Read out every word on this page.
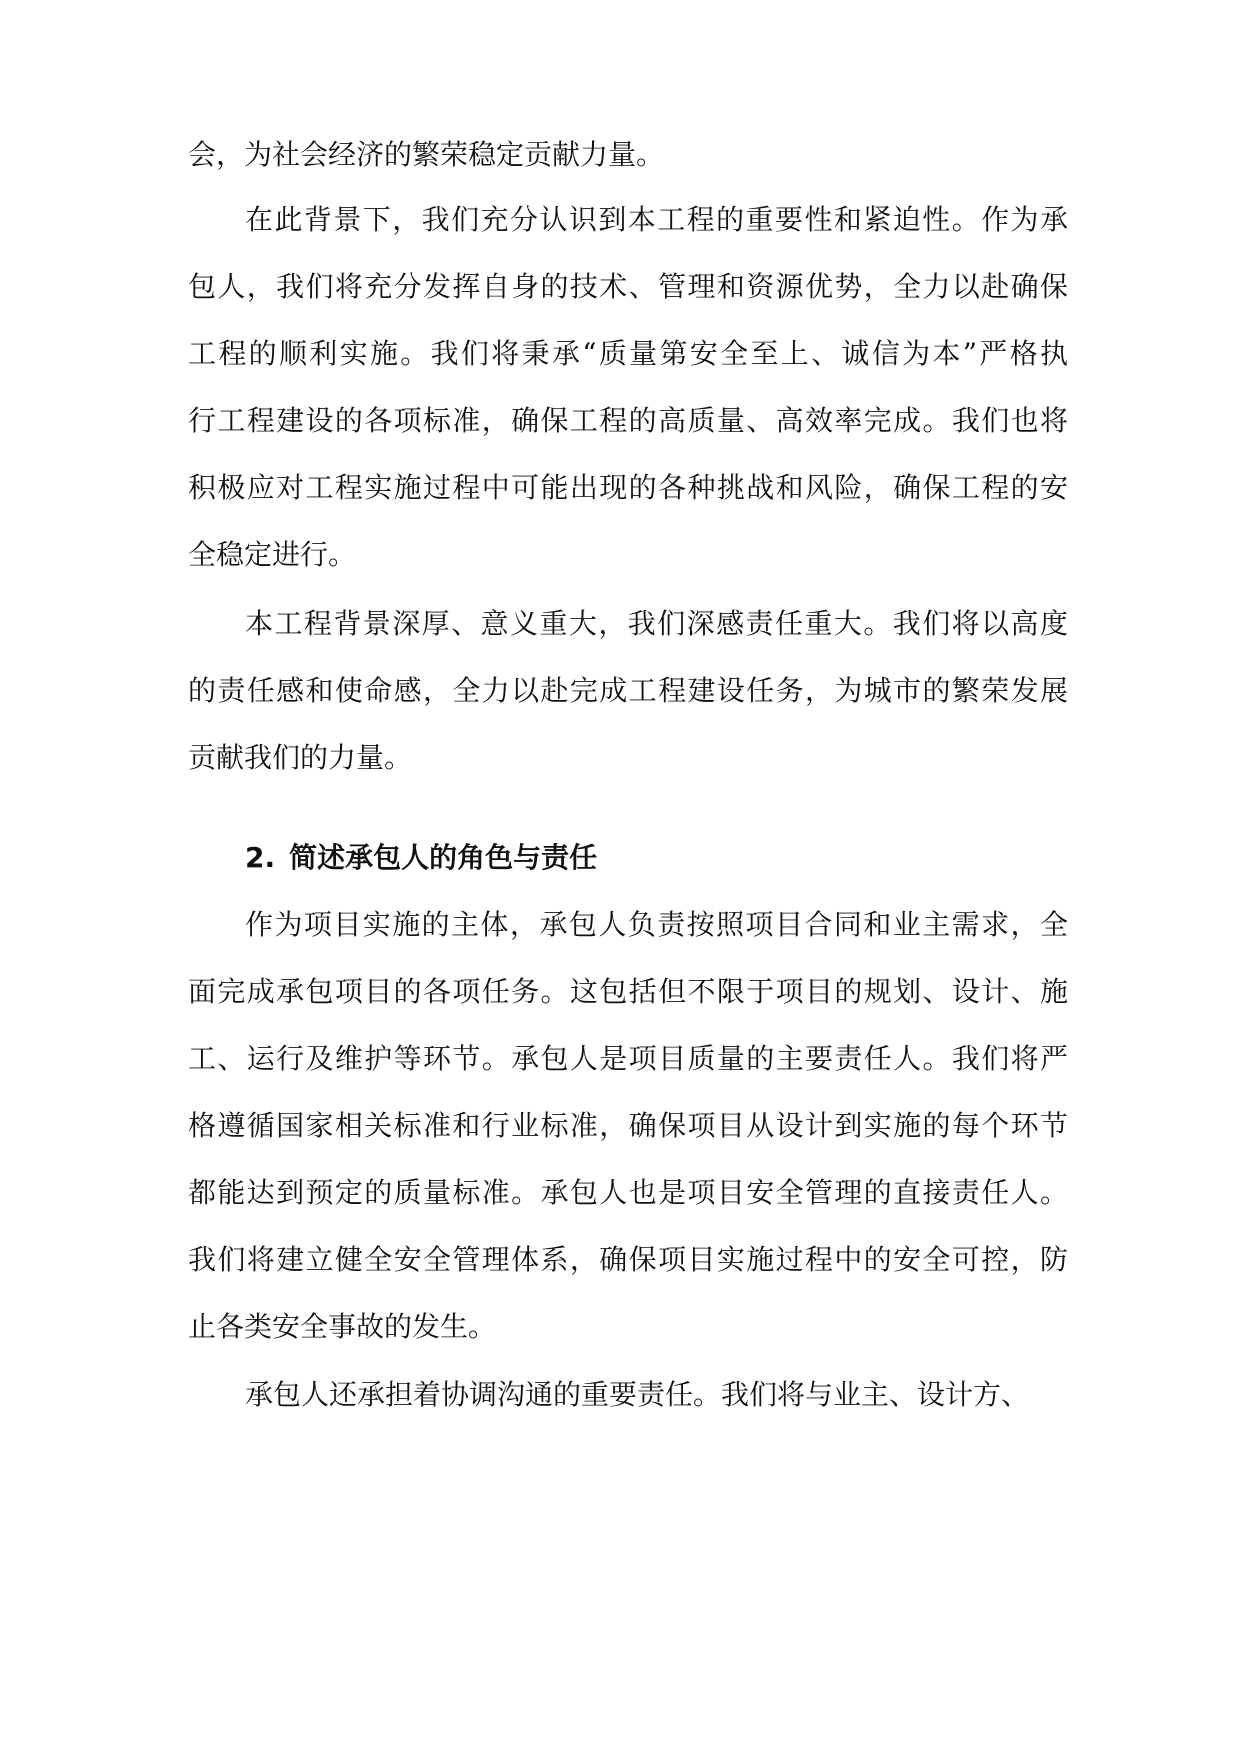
会，为社会经济的繁荣稳定贡献力量。
在此背景下，我们充分认识到本工程的重要性和紧迫性。作为承
包人，我们将充分发挥自身的技术、管理和资源优势，全力以赴确保
工程的顺利实施。我们将秉承“质量第安全至上、诚信为本”严格执
行工程建设的各项标准，确保工程的高质量、高效率完成。我们也将
积极应对工程实施过程中可能出现的各种挑战和风险，确保工程的安
全稳定进行。
本工程背景深厚、意义重大，我们深感责任重大。我们将以高度
的责任感和使命感，全力以赴完成工程建设任务，为城市的繁荣发展
贡献我们的力量。
2. 简述承包人的角色与责任
作为项目实施的主体，承包人负责按照项目合同和业主需求，全
面完成承包项目的各项任务。这包括但不限于项目的规划、设计、施
工、运行及维护等环节。承包人是项目质量的主要责任人。我们将严
格遵循国家相关标准和行业标准，确保项目从设计到实施的每个环节
都能达到预定的质量标准。承包人也是项目安全管理的直接责任人。
我们将建立健全安全管理体系，确保项目实施过程中的安全可控，防
止各类安全事故的发生。
承包人还承担着协调沟通的重要责任。我们将与业主、设计方、
